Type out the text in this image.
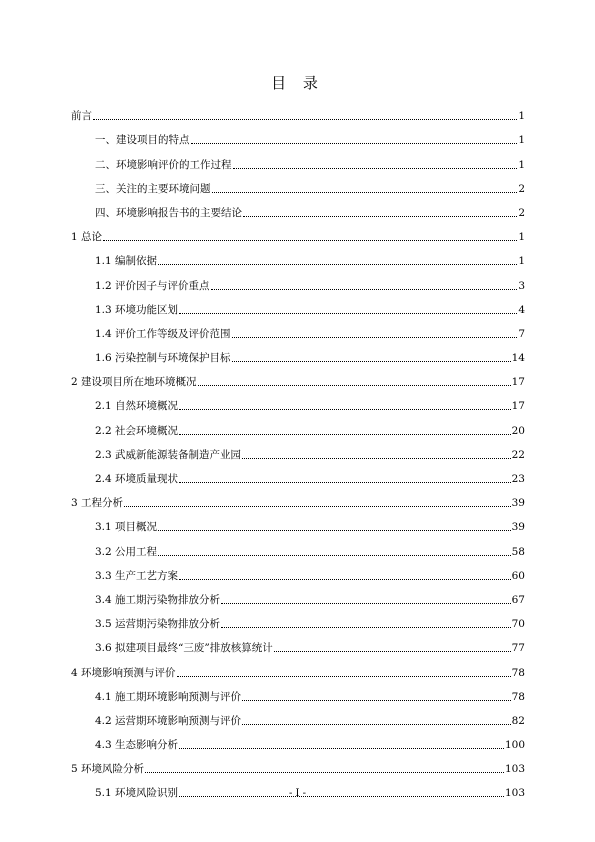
目 录
前言	1
一、建设项目的特点	1
二、环境影响评价的工作过程	1
三、关注的主要环境问题	2
四、环境影响报告书的主要结论	2
1 总论	1
1.1 编制依据	1
1.2 评价因子与评价重点	3
1.3 环境功能区划	4
1.4 评价工作等级及评价范围	7
1.6 污染控制与环境保护目标	14
2 建设项目所在地环境概况	17
2.1 自然环境概况	17
2.2 社会环境概况	20
2.3 武威新能源装备制造产业园	22
2.4 环境质量现状	23
3 工程分析	39
3.1 项目概况	39
3.2 公用工程	58
3.3 生产工艺方案	60
3.4 施工期污染物排放分析	67
3.5 运营期污染物排放分析	70
3.6 拟建项目最终“三废”排放核算统计	77
4 环境影响预测与评价	78
4.1 施工期环境影响预测与评价	78
4.2 运营期环境影响预测与评价	82
4.3 生态影响分析	100
5 环境风险分析	103
5.1 环境风险识别	103
- I -
